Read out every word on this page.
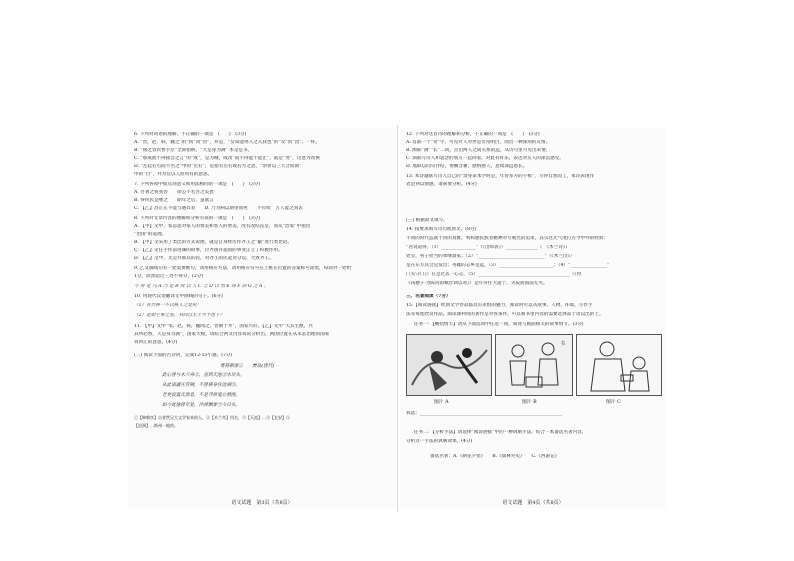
6. 下列对词语的理解，不正确的一项是　(　　)　(3分)
A. “晋，赵，韩，魏之”的“执”同“热”，并是，“女知能则人之入我也”的“女”同“汝”，一样，
B. “燕之容衣香手臣”全部指称，“大是身为满” 本是是书，
C. “那成欲不得接会之言”的“成”，是为城，成改“战不得能不能止”，就是“处”，这意为改换
D. “左起右右而不名之”中的“左右”，是指有左右或右方之意，“余曾以三天合而期”
中的“白”，并为任以人而用有的意思。
7. 下列各项中加点词意义和用法相同的一项是　(　　)　(3分)
A. 吾著之将我善　　徐公不若吾之美也
B. 得风民是继之　　期年之后，虽欲言
C. 【乙】昌正正不能与通其者　　D. 乃为病以期望而死　　不有吹　万人能之而去
8. 下列对文章内容的理解和分析有误的一项是　(　　)　(3分)
A. 【甲】文中，邹忌思对家人的赞美和客人的赞美，改有改结直是，而从“治家”中指出
“治国”的道理。
B. 【甲】文采用了类比的方式说理，就是自身经历作齐王之“蔽”进行类比论。
C. 【乙】文任手作前进谏的故事，讨齐国并超国的事变正立了积极作用。
D. 【乙】文中，太是并那其的民，对齐王的民起对分以，大致齐王。
9. 乙文画线句有一处需要断句，请用相应方法，请用相应符号在上框在位置的答案标号涂黑，每涂对一处给
1分，涂黑超过三处不得分。(2分)
今 得 是 马 A 乃 是 B 得 以 人 C 之 D 以 然 E 而 F 而 G 之 A 。
10. 用现代汉语翻译文中画线的句子。(6分)
（1）吾吉将一不以将人之是矣！
（2）是如主事之业，书问以无子当予也下？
11. 【甲】文中“邹，赵，韩，魏闻之，皆朝于齐”，国家兴旺。【乙】文中“天其生猷，共
其所必然，天是身为满”，国家大败，请结合两文内容说说分析出，两国位置在从未去治理的国家
说何汇的意思。(4分)
(二) 阅读下面的古诗词，完成12-13小题。(7分)
寄韩朝彦①　　贾岛(唐代)
此心曾与木兰舟②，直到天池③水尽头。
从此南通④宫阙，不曾将身住沧洲⑤。
老更寂寞无消息，不是寻常鬼⑥情渔。
如今此地曾年处，冷淡飘零⑦今日头。
①【韩朝彦】自誉然兄大文学家来的人，②【木兰舟】用名，③【天池】…④【长安】⑤
【沧洲】…郎州一地的。
语文试题　第3页（共8页）
12. 下列对这首诗的理解和分析，不正确的一项是　(　　)　(3分)
A. 首联一个“常”字，可见对人对世是非常明白，而出一种深刻的友情。
B. 颔联“满”“长”二词，点出两人之间关系的远，从诗句里可见出来情，
C. 颈联写诗人和思念的朋友一起回家，对此有好乐，表达对友人的深沉感受。
D. 尾联以问句作结，委婉含蓄，感情感人，意境深远悠长。
13. 本诗题联写诗人自己的“余身拿本学时是，年曾多方的不被”，写得自然而工，本诗表现作
者是何以情感，请简要分析。(4分)
(三) 根据原文填写。
14. 按要求填写诗句或原文。(8分)
不同的时代造就不同的真雅，鸣和感民族者精神对写观光的追求，其宗这光气度打古今中外的经典：
“君说道得，（1）_______________”（《出师表》）______________（　《木兰诗》）
处会，男子担当的承继谁家；（2）“_____________________________”（《木兰诗》）
是在东方其会是发出；英雄的志乡是远，（3）________________________；（4）“________________”
门关守门》）在是过去一心志，（5）________________________________________（《得
《钱塘子·为陈同甫赋壮词以寄》）是年舟住大道宁，关辰而国前无失。
三、名著阅读（7分）
15.【阅读链接】经典文学作品都具有永恒的魅力，阅读时可以从故事、人物、环境、写作手
法等角度欣赏作品。阅读课利用的著作是对各条件，可以和书里内容的需要选择品于语以出的上。
任务一：【概括情节】请从下面选项中任选一项，简述与画面相关的故事情节。(3分)
书
图片 A	图片 B	图片 C
我选：______________________________________________________________
任务二：【分析手法】请选择“阅读链接”中的一种讽刺手法，结合一本备选名著内容，
分析这一手法的讽刺效果。(4分)
备选名著：A.《朝花夕拾》　　B.《儒林外史》　　C.《西游记》
语文试题　第4页（共8页）
